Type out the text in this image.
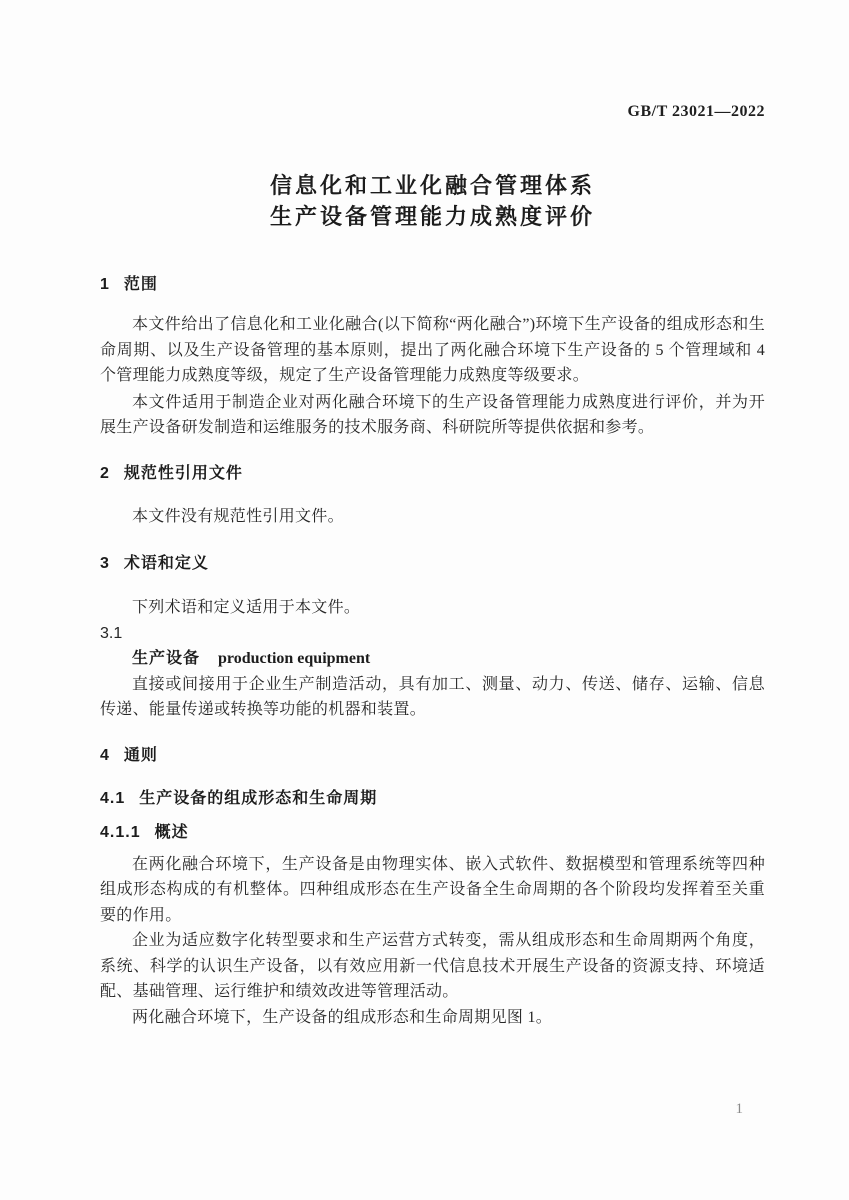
GB/T 23021—2022
信息化和工业化融合管理体系
生产设备管理能力成熟度评价
1 范围

本文件给出了信息化和工业化融合(以下简称“两化融合”)环境下生产设备的组成形态和生命周期、以及生产设备管理的基本原则，提出了两化融合环境下生产设备的 5 个管理域和 4 个管理能力成熟度等级，规定了生产设备管理能力成熟度等级要求。

本文件适用于制造企业对两化融合环境下的生产设备管理能力成熟度进行评价，并为开展生产设备研发制造和运维服务的技术服务商、科研院所等提供依据和参考。

2 规范性引用文件

本文件没有规范性引用文件。

3 术语和定义

下列术语和定义适用于本文件。

3.1
生产设备 production equipment

直接或间接用于企业生产制造活动，具有加工、测量、动力、传送、储存、运输、信息传递、能量传递或转换等功能的机器和装置。

4 通则
4.1 生产设备的组成形态和生命周期
4.1.1 概述

在两化融合环境下，生产设备是由物理实体、嵌入式软件、数据模型和管理系统等四种组成形态构成的有机整体。四种组成形态在生产设备全生命周期的各个阶段均发挥着至关重要的作用。

企业为适应数字化转型要求和生产运营方式转变，需从组成形态和生命周期两个角度，系统、科学的认识生产设备，以有效应用新一代信息技术开展生产设备的资源支持、环境适配、基础管理、运行维护和绩效改进等管理活动。

两化融合环境下，生产设备的组成形态和生命周期见图 1。

1
